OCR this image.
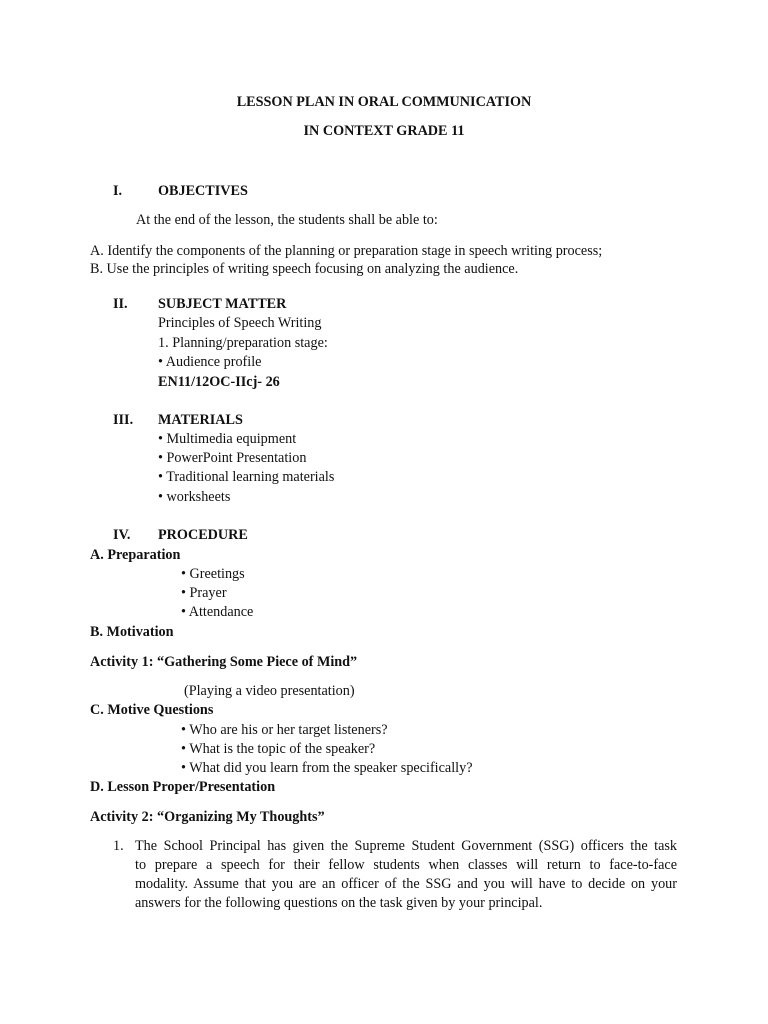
LESSON PLAN IN ORAL COMMUNICATION
IN CONTEXT GRADE 11
I.	OBJECTIVES
At the end of the lesson, the students shall be able to:
A. Identify the components of the planning or preparation stage in speech writing process;
B. Use the principles of writing speech focusing on analyzing the audience.
II. SUBJECT MATTER
Principles of Speech Writing
1. Planning/preparation stage:
• Audience profile
EN11/12OC-IIcj- 26
III. MATERIALS
• Multimedia equipment
• PowerPoint Presentation
• Traditional learning materials
• worksheets
IV. PROCEDURE
A. Preparation
• Greetings
• Prayer
• Attendance
B. Motivation
Activity 1: “Gathering Some Piece of Mind”
(Playing a video presentation)
C. Motive Questions
• Who are his or her target listeners?
• What is the topic of the speaker?
• What did you learn from the speaker specifically?
D. Lesson Proper/Presentation
Activity 2: “Organizing My Thoughts”
1. The School Principal has given the Supreme Student Government (SSG) officers the task
to prepare a speech for their fellow students when classes will return to face-to-face
modality. Assume that you are an officer of the SSG and you will have to decide on your
answers for the following questions on the task given by your principal.
